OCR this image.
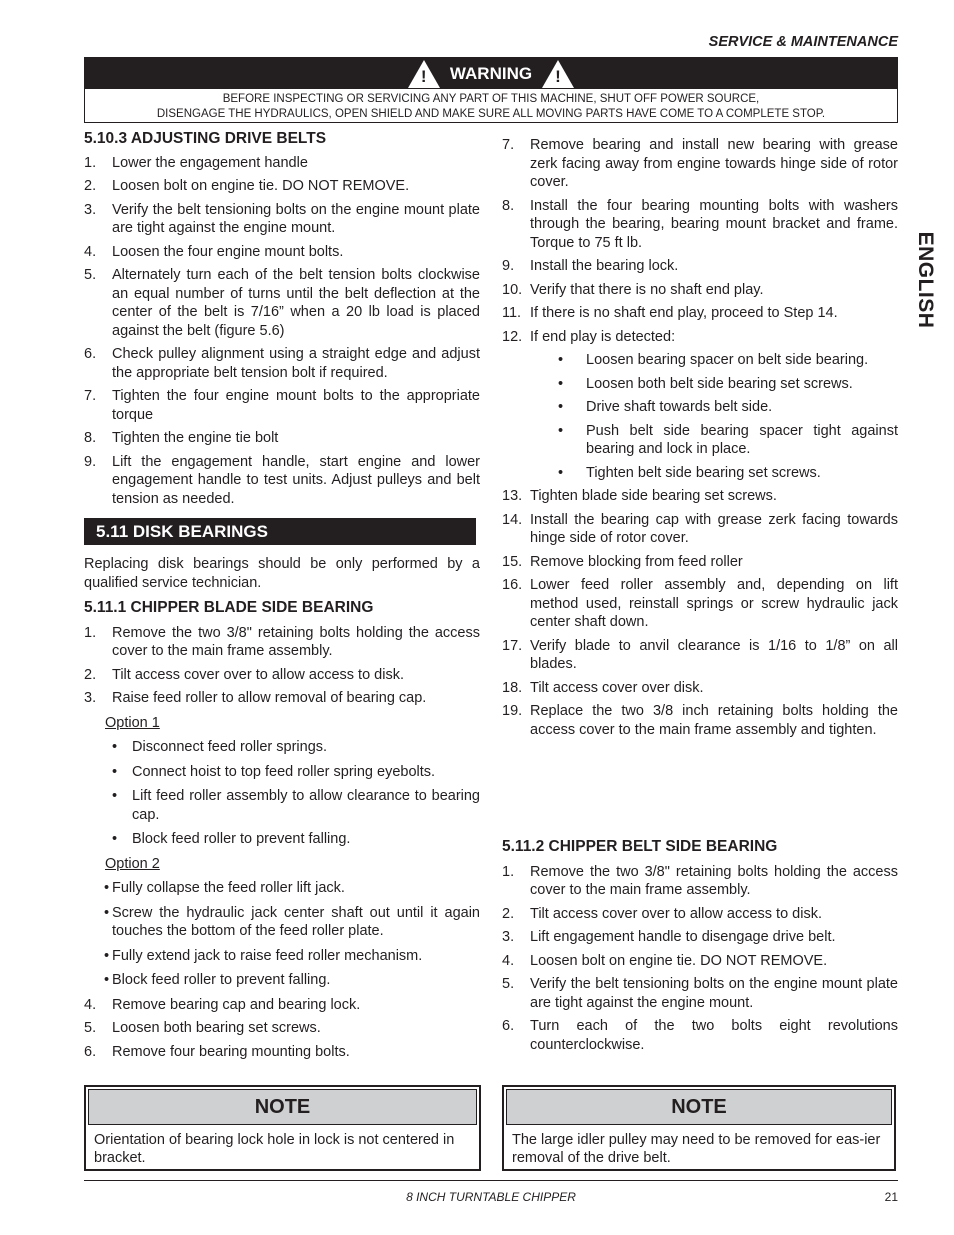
SERVICE & MAINTENANCE
! WARNING !
BEFORE INSPECTING OR SERVICING ANY PART OF THIS MACHINE, SHUT OFF POWER SOURCE,
DISENGAGE THE HYDRAULICS, OPEN SHIELD AND MAKE SURE ALL MOVING PARTS HAVE COME TO A COMPLETE STOP.
ENGLISH
5.10.3 ADJUSTING DRIVE BELTS
1.	Lower the engagement handle
2.	Loosen bolt on engine tie. DO NOT REMOVE.
3.	Verify the belt tensioning bolts on the engine mount plate are tight against the engine mount.
4.	Loosen the four engine mount bolts.
5.	Alternately turn each of the belt tension bolts clockwise an equal number of turns until the belt deflection at the center of the belt is 7/16” when a 20 lb load is placed against the belt (figure 5.6)
6.	Check pulley alignment using a straight edge and adjust the appropriate belt tension bolt if required.
7.	Tighten the four engine mount bolts to the appropriate torque
8.	Tighten the engine tie bolt
9.	Lift the engagement handle, start engine and lower engagement handle to test units. Adjust pulleys and belt tension as needed.
5.11 DISK BEARINGS
Replacing disk bearings should be only performed by a qualified service technician.
5.11.1 CHIPPER BLADE SIDE BEARING
1.	Remove the two 3/8" retaining bolts holding the access cover to the main frame assembly.
2.	Tilt access cover over to allow access to disk.
3.	Raise feed roller to allow removal of bearing cap.
Option 1
•	Disconnect feed roller springs.
•	Connect hoist to top feed roller spring eyebolts.
•	Lift feed roller assembly to allow clearance to bearing cap.
•	Block feed roller to prevent falling.
Option 2
• Fully collapse the feed roller lift jack.
• Screw the hydraulic jack center shaft out until it again touches the bottom of the feed roller plate.
• Fully extend jack to raise feed roller mechanism.
• Block feed roller to prevent falling.
4.	Remove bearing cap and bearing lock.
5.	Loosen both bearing set screws.
6.	Remove four bearing mounting bolts.
7.	Remove bearing and install new bearing with grease zerk facing away from engine towards hinge side of rotor cover.
8.	Install the four bearing mounting bolts with washers through the bearing, bearing mount bracket and frame. Torque to 75 ft lb.
9.	Install the bearing lock.
10. Verify that there is no shaft end play.
11. If there is no shaft end play, proceed to Step 14.
12. If end play is detected:
•	Loosen bearing spacer on belt side bearing.
•	Loosen both belt side bearing set screws.
•	Drive shaft towards belt side.
•	Push belt side bearing spacer tight against bearing and lock in place.
•	Tighten belt side bearing set screws.
13. Tighten blade side bearing set screws.
14. Install the bearing cap with grease zerk facing towards hinge side of rotor cover.
15. Remove blocking from feed roller
16. Lower feed roller assembly and, depending on lift method used, reinstall springs or screw hydraulic jack center shaft down.
17. Verify blade to anvil clearance is 1/16 to 1/8” on all blades.
18. Tilt access cover over disk.
19. Replace the two 3/8 inch retaining bolts holding the access cover to the main frame assembly and tighten.
5.11.2 CHIPPER BELT SIDE BEARING
1.	Remove the two 3/8" retaining bolts holding the access cover to the main frame assembly.
2.	Tilt access cover over to allow access to disk.
3.	Lift engagement handle to disengage drive belt.
4.	Loosen bolt on engine tie. DO NOT REMOVE.
5.	Verify the belt tensioning bolts on the engine mount plate are tight against the engine mount.
6.	Turn each of the two bolts eight revolutions counterclockwise.
NOTE
Orientation of bearing lock hole in lock is not centered in bracket.
NOTE
The large idler pulley may need to be removed for eas-ier removal of the drive belt.
8 INCH TURNTABLE CHIPPER	21
